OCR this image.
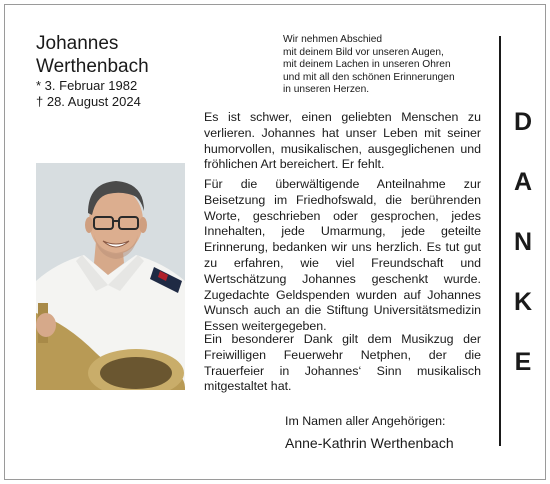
Johannes
Werthenbach
* 3. Februar 1982
† 28. August 2024
Wir nehmen Abschied
mit deinem Bild vor unseren Augen,
mit deinem Lachen in unseren Ohren
und mit all den schönen Erinnerungen
in unseren Herzen.
D
A
N
K
E
Es ist schwer, einen geliebten Menschen zu verlieren. Johannes hat unser Leben mit seiner humorvollen, musikalischen, ausgeglichenen und fröhlichen Art bereichert. Er fehlt.
Für die überwältigende Anteilnahme zur Beisetzung im Friedhofswald, die berührenden Worte, geschrieben oder gesprochen, jedes Innehalten, jede Umarmung, jede geteilte Erinnerung, bedanken wir uns herzlich. Es tut gut zu erfahren, wie viel Freundschaft und Wertschätzung Johannes geschenkt wurde. Zugedachte Geldspenden wurden auf Johannes Wunsch auch an die Stiftung Universitätsmedizin Essen weitergegeben.
Ein besonderer Dank gilt dem Musikzug der Freiwilligen Feuerwehr Netphen, der die Trauerfeier in Johannes‘ Sinn musikalisch mitgestaltet hat.
Im Namen aller Angehörigen:
Anne-Kathrin Werthenbach
